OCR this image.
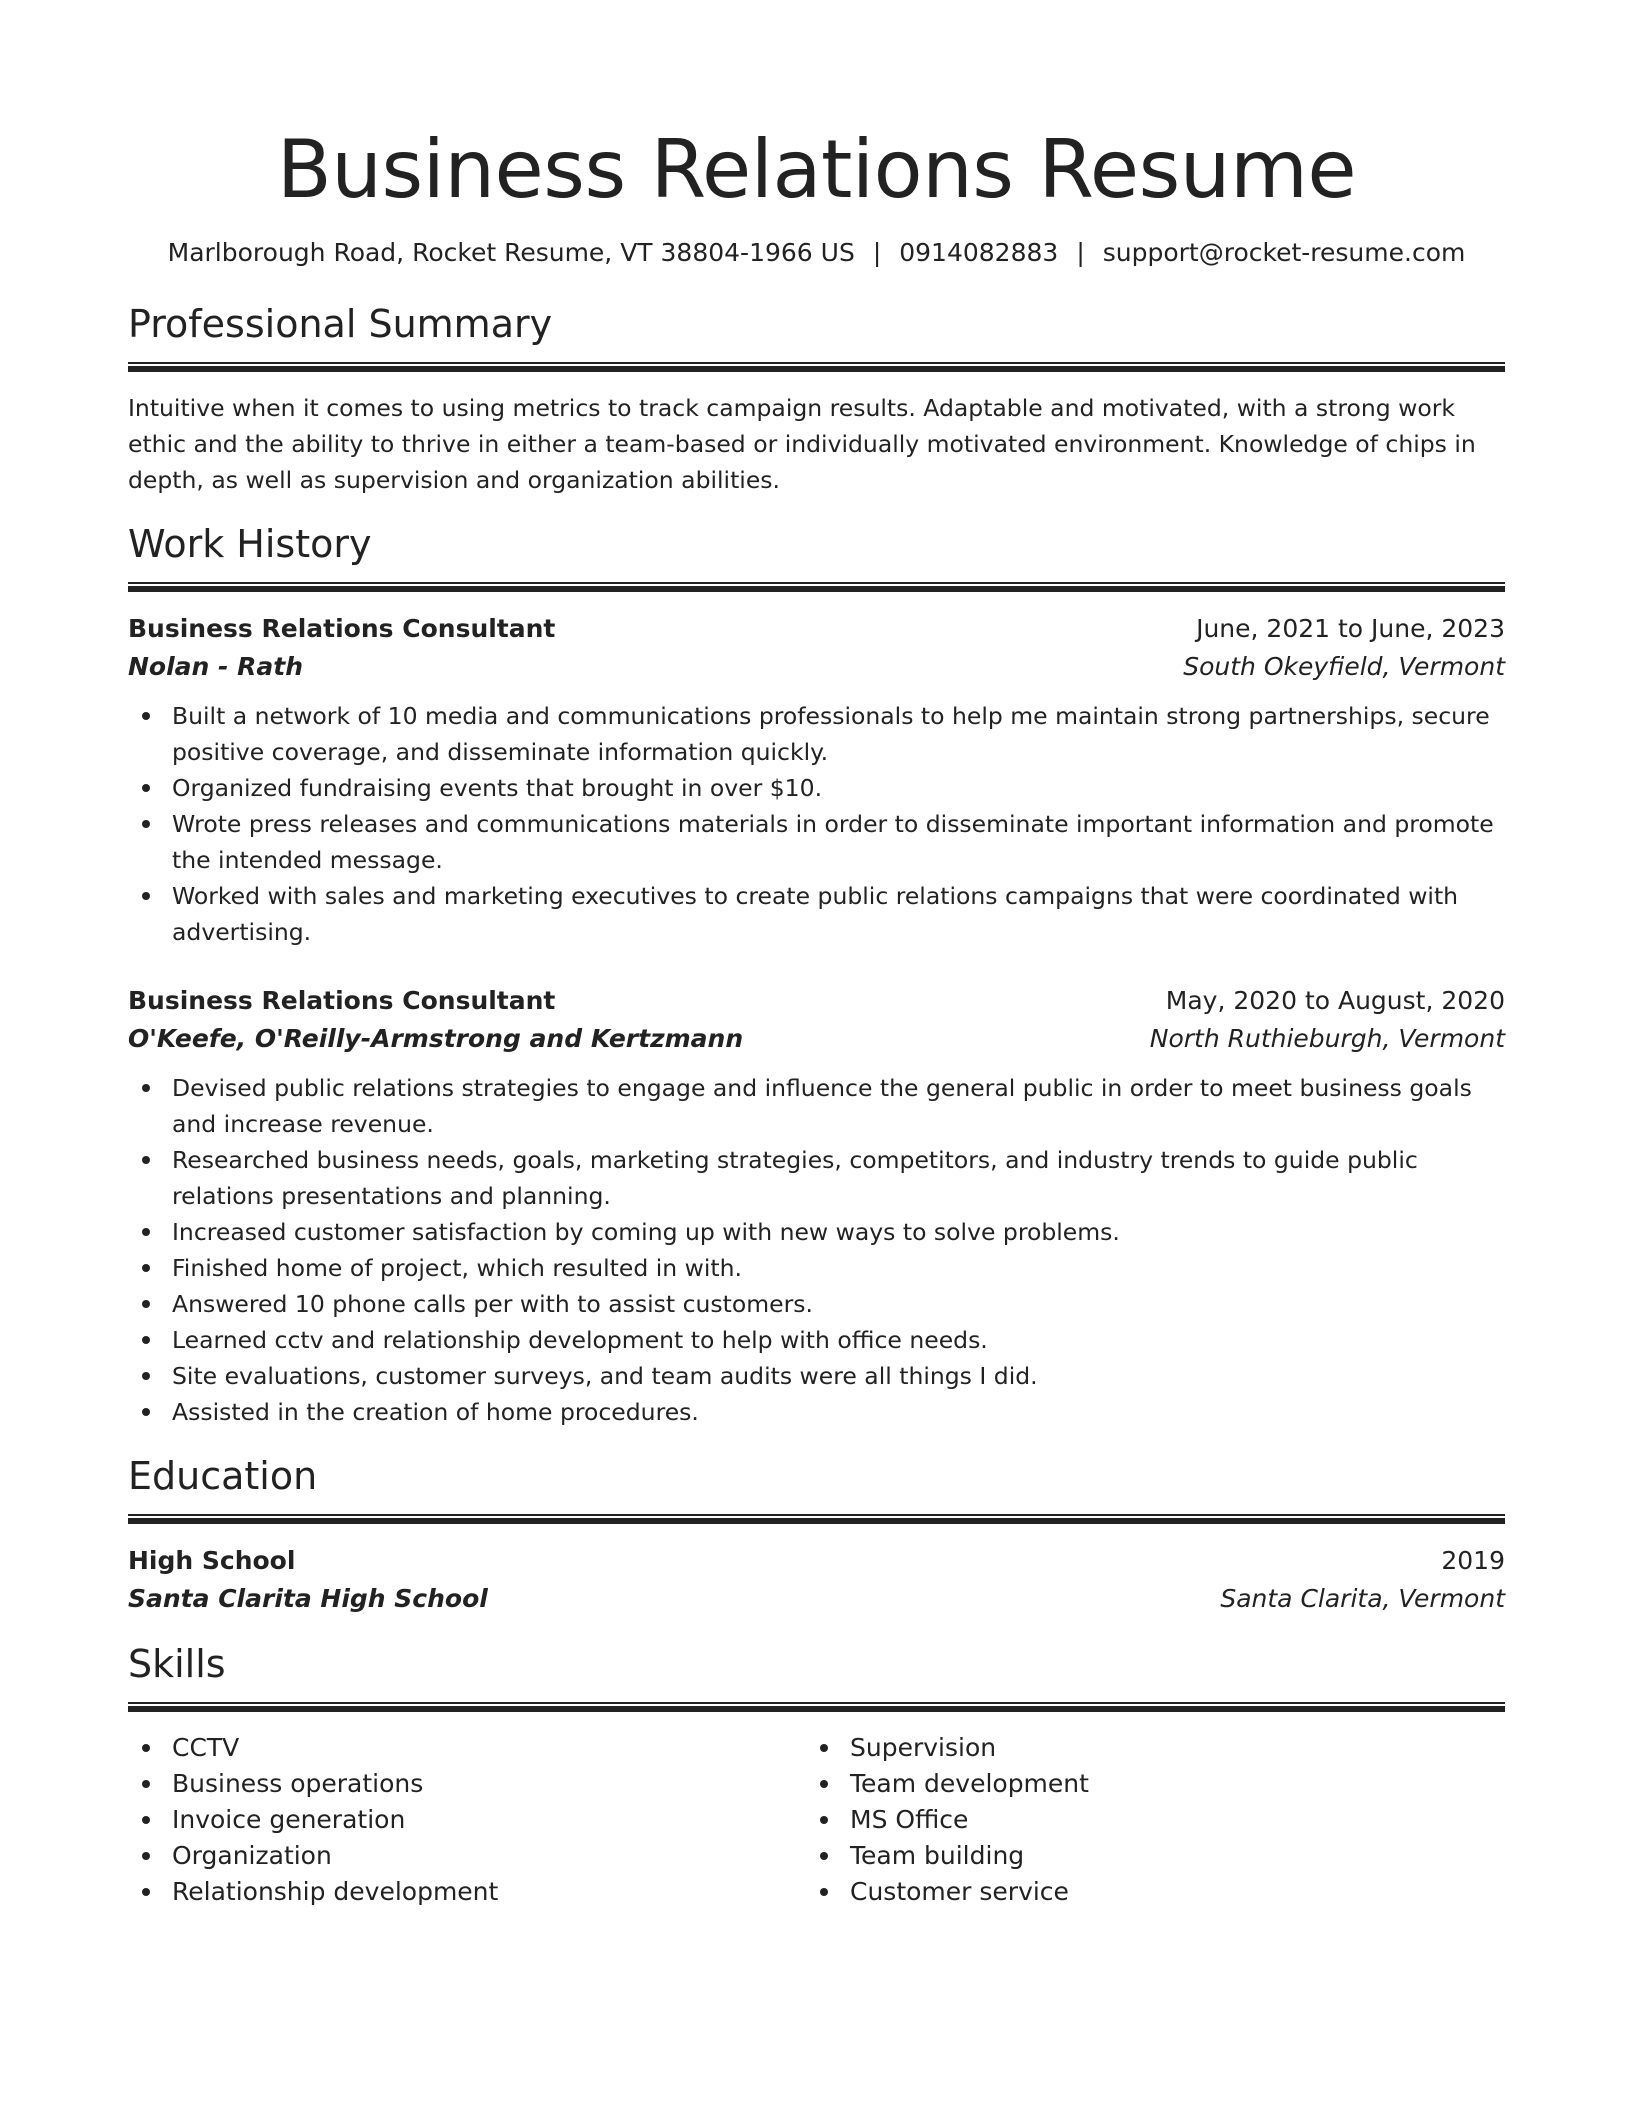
Business Relations Resume
Marlborough Road, Rocket Resume, VT 38804-1966 US | 0914082883 | support@rocket-resume.com
Professional Summary

Intuitive when it comes to using metrics to track campaign results. Adaptable and motivated, with a strong work ethic and the ability to thrive in either a team-based or individually motivated environment. Knowledge of chips in depth, as well as supervision and organization abilities.

Work History
Business Relations Consultant	June, 2021 to June, 2023
Nolan - Rath	South Okeyfield, Vermont
Built a network of 10 media and communications professionals to help me maintain strong partnerships, secure positive coverage, and disseminate information quickly.
Organized fundraising events that brought in over $10.
Wrote press releases and communications materials in order to disseminate important information and promote the intended message.
Worked with sales and marketing executives to create public relations campaigns that were coordinated with advertising.
Business Relations Consultant	May, 2020 to August, 2020
O'Keefe, O'Reilly-Armstrong and Kertzmann	North Ruthieburgh, Vermont
Devised public relations strategies to engage and influence the general public in order to meet business goals and increase revenue.
Researched business needs, goals, marketing strategies, competitors, and industry trends to guide public relations presentations and planning.
Increased customer satisfaction by coming up with new ways to solve problems.
Finished home of project, which resulted in with.
Answered 10 phone calls per with to assist customers.
Learned cctv and relationship development to help with office needs.
Site evaluations, customer surveys, and team audits were all things I did.
Assisted in the creation of home procedures.
Education
High School	2019
Santa Clarita High School	Santa Clarita, Vermont
Skills
CCTV
Business operations
Invoice generation
Organization
Relationship development
Supervision
Team development
MS Office
Team building
Customer service
